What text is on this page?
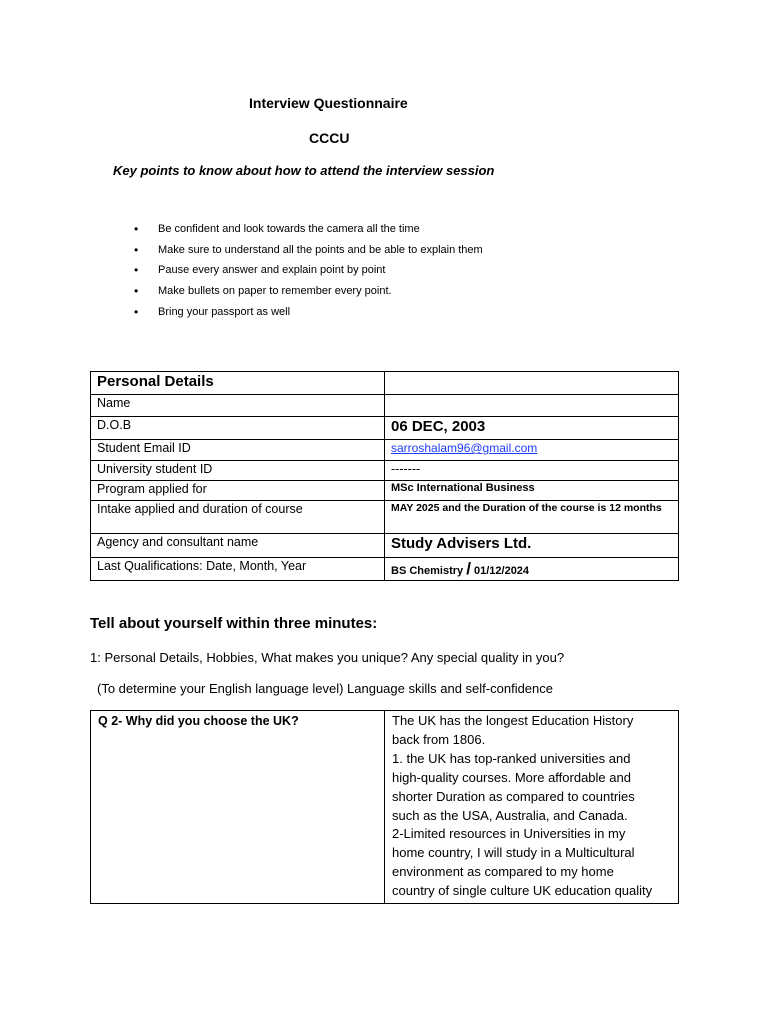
Interview Questionnaire
CCCU
Key points to know about how to attend the interview session
• Be confident and look towards the camera all the time
• Make sure to understand all the points and be able to explain them
• Pause every answer and explain point by point
• Make bullets on paper to remember every point.
• Bring your passport as well
Personal Details	
Name	
D.O.B	06 DEC, 2003
Student Email ID	sarroshalam96@gmail.com
University student ID	-------
Program applied for	MSc International Business
Intake applied and duration of course	MAY 2025 and the Duration of the course is 12 months
Agency and consultant name	Study Advisers Ltd.
Last Qualifications: Date, Month, Year	BS Chemistry / 01/12/2024
Tell about yourself within three minutes:
1: Personal Details, Hobbies, What makes you unique? Any special quality in you?
(To determine your English language level) Language skills and self-confidence
Q 2- Why did you choose the UK?	The UK has the longest Education History
back from 1806.
1. the UK has top-ranked universities and
high-quality courses. More affordable and
shorter Duration as compared to countries
such as the USA, Australia, and Canada.
2-Limited resources in Universities in my
home country, I will study in a Multicultural
environment as compared to my home
country of single culture UK education quality
